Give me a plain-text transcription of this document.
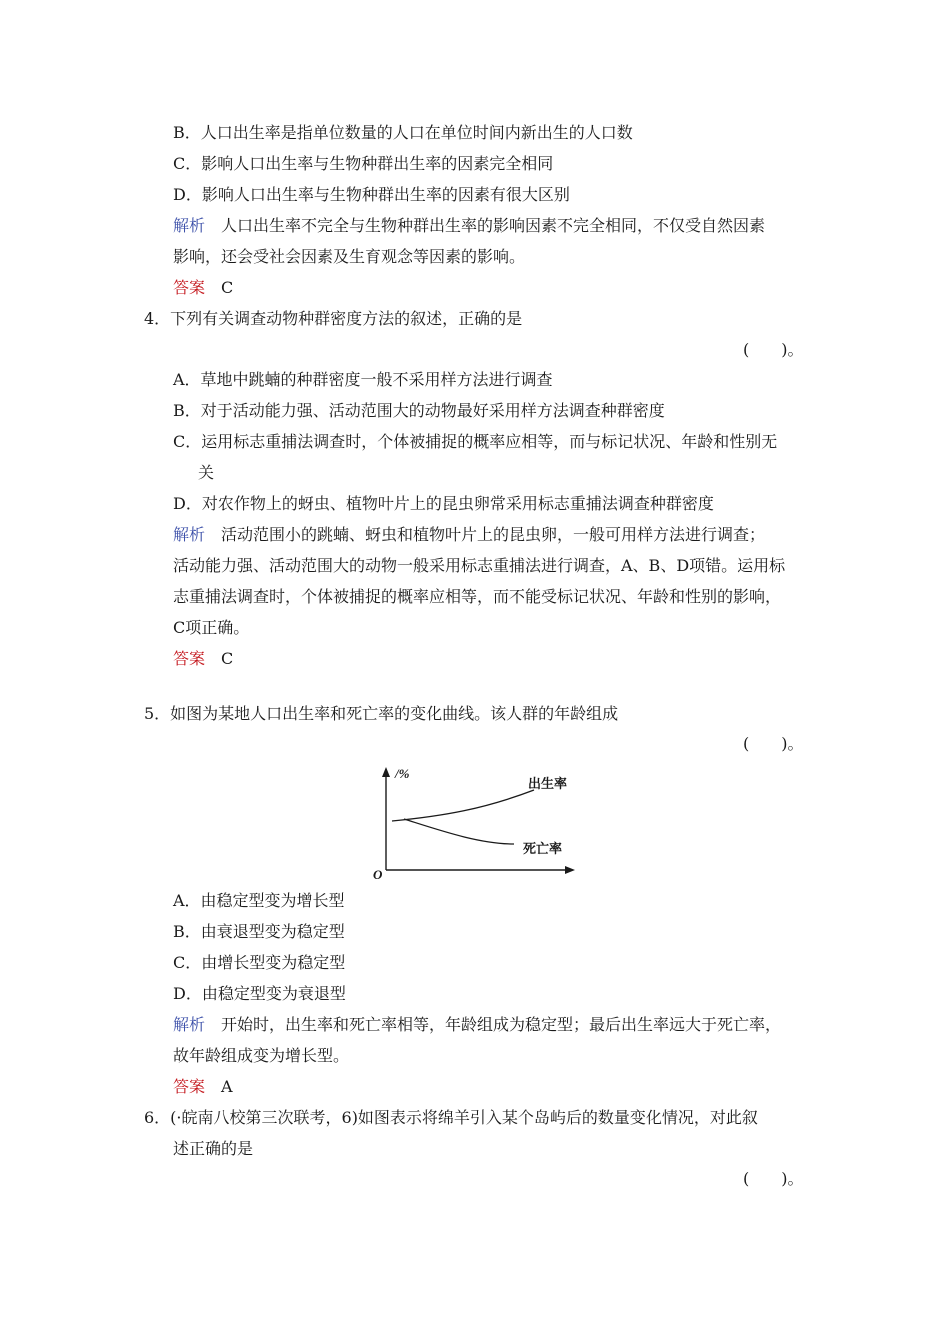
B．人口出生率是指单位数量的人口在单位时间内新出生的人口数
C．影响人口出生率与生物种群出生率的因素完全相同
D．影响人口出生率与生物种群出生率的因素有很大区别
解析 人口出生率不完全与生物种群出生率的影响因素不完全相同，不仅受自然因素
影响，还会受社会因素及生育观念等因素的影响。
答案 C
4．下列有关调查动物种群密度方法的叙述，正确的是
(　　)。
A．草地中跳蝻的种群密度一般不采用样方法进行调查
B．对于活动能力强、活动范围大的动物最好采用样方法调查种群密度
C．运用标志重捕法调查时，个体被捕捉的概率应相等，而与标记状况、年龄和性别无
关
D．对农作物上的蚜虫、植物叶片上的昆虫卵常采用标志重捕法调查种群密度
解析 活动范围小的跳蝻、蚜虫和植物叶片上的昆虫卵，一般可用样方法进行调查；
活动能力强、活动范围大的动物一般采用标志重捕法进行调查，A、B、D项错。运用标
志重捕法调查时，个体被捕捉的概率应相等，而不能受标记状况、年龄和性别的影响，
C项正确。
答案 C
5．如图为某地人口出生率和死亡率的变化曲线。该人群的年龄组成
(　　)。
/%
O
出生率
死亡率
A．由稳定型变为增长型
B．由衰退型变为稳定型
C．由增长型变为稳定型
D．由稳定型变为衰退型
解析 开始时，出生率和死亡率相等，年龄组成为稳定型；最后出生率远大于死亡率，
故年龄组成变为增长型。
答案 A
6．(·皖南八校第三次联考，6)如图表示将绵羊引入某个岛屿后的数量变化情况，对此叙
述正确的是
(　　)。
